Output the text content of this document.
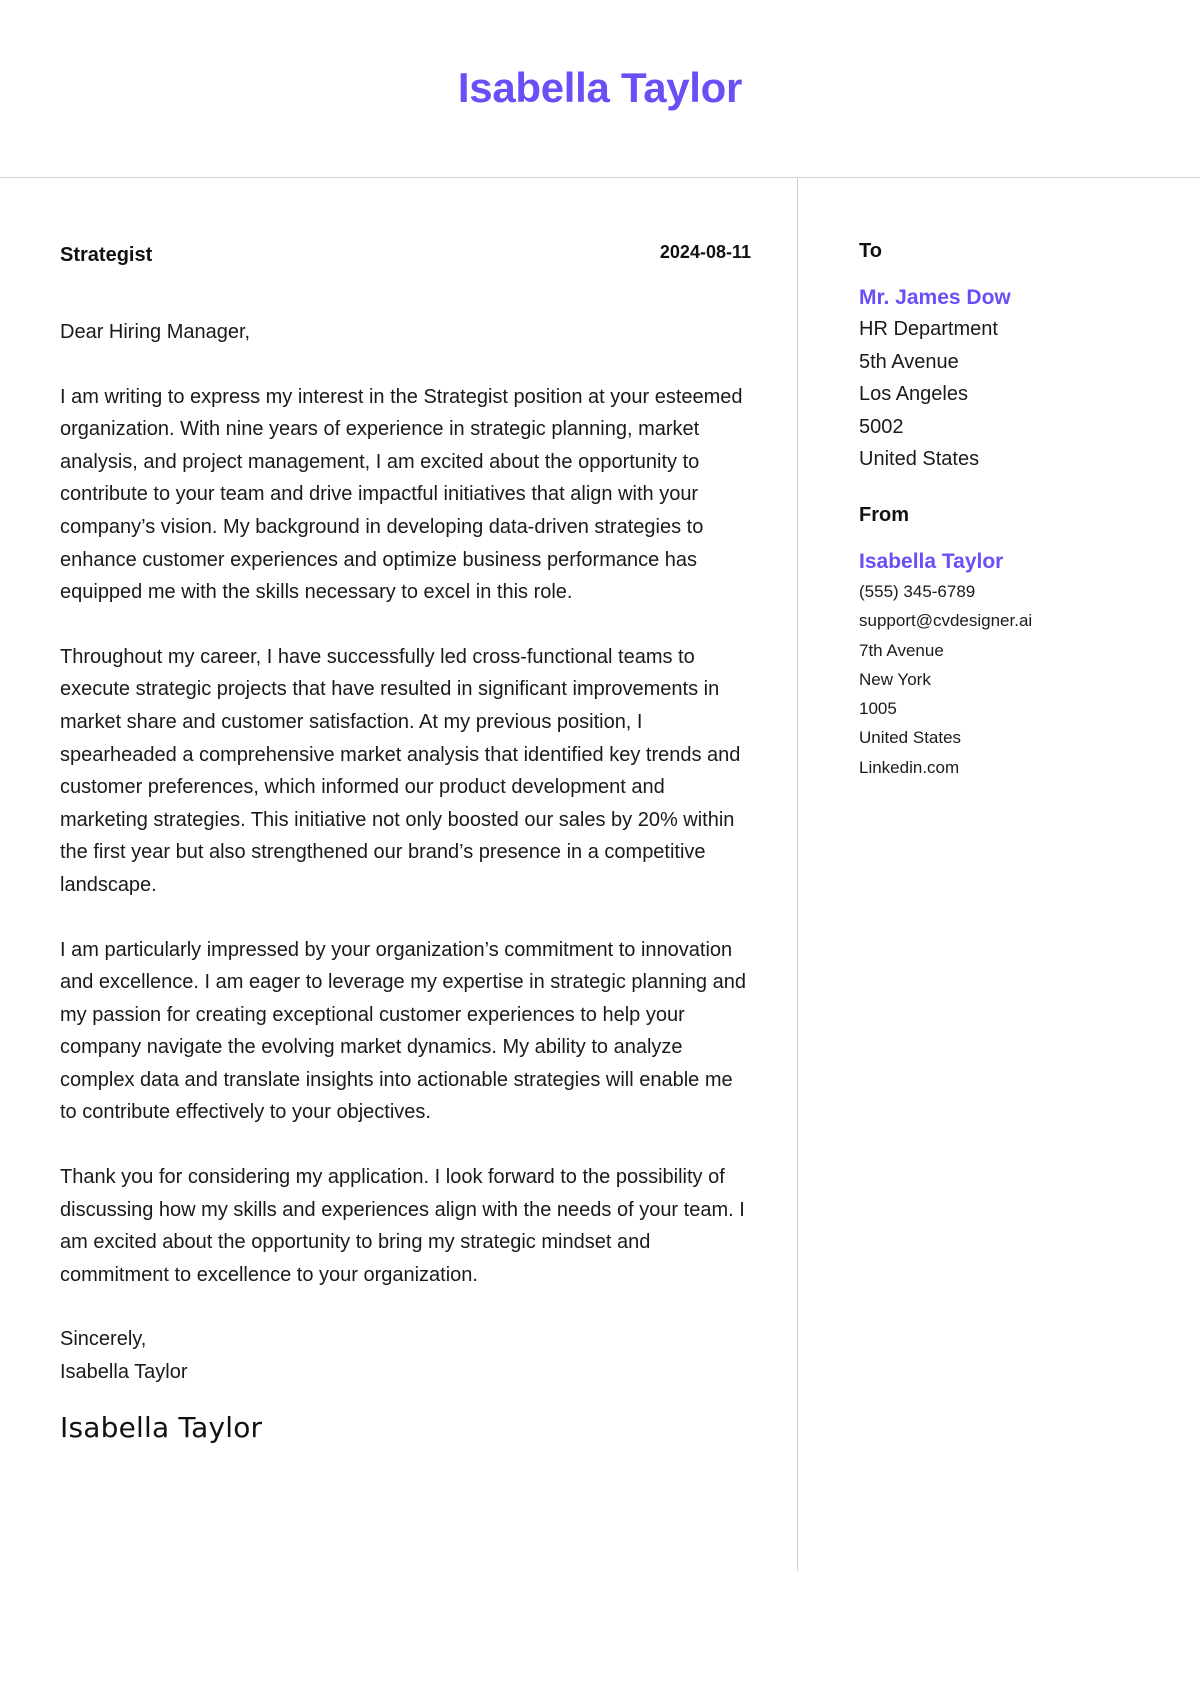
Isabella Taylor
Strategist	2024-08-11

Dear Hiring Manager,

I am writing to express my interest in the Strategist position at your esteemed organization. With nine years of experience in strategic planning, market analysis, and project management, I am excited about the opportunity to contribute to your team and drive impactful initiatives that align with your company’s vision. My background in developing data-driven strategies to enhance customer experiences and optimize business performance has equipped me with the skills necessary to excel in this role.

Throughout my career, I have successfully led cross-functional teams to execute strategic projects that have resulted in significant improvements in market share and customer satisfaction. At my previous position, I spearheaded a comprehensive market analysis that identified key trends and customer preferences, which informed our product development and marketing strategies. This initiative not only boosted our sales by 20% within the first year but also strengthened our brand’s presence in a competitive landscape.

I am particularly impressed by your organization’s commitment to innovation and excellence. I am eager to leverage my expertise in strategic planning and my passion for creating exceptional customer experiences to help your company navigate the evolving market dynamics. My ability to analyze complex data and translate insights into actionable strategies will enable me to contribute effectively to your objectives.

Thank you for considering my application. I look forward to the possibility of discussing how my skills and experiences align with the needs of your team. I am excited about the opportunity to bring my strategic mindset and commitment to excellence to your organization.

Sincerely,
Isabella Taylor
Isabella Taylor
To
Mr. James Dow
HR Department
5th Avenue
Los Angeles
5002
United States
From
Isabella Taylor
(555) 345-6789
support@cvdesigner.ai
7th Avenue
New York
1005
United States
Linkedin.com
